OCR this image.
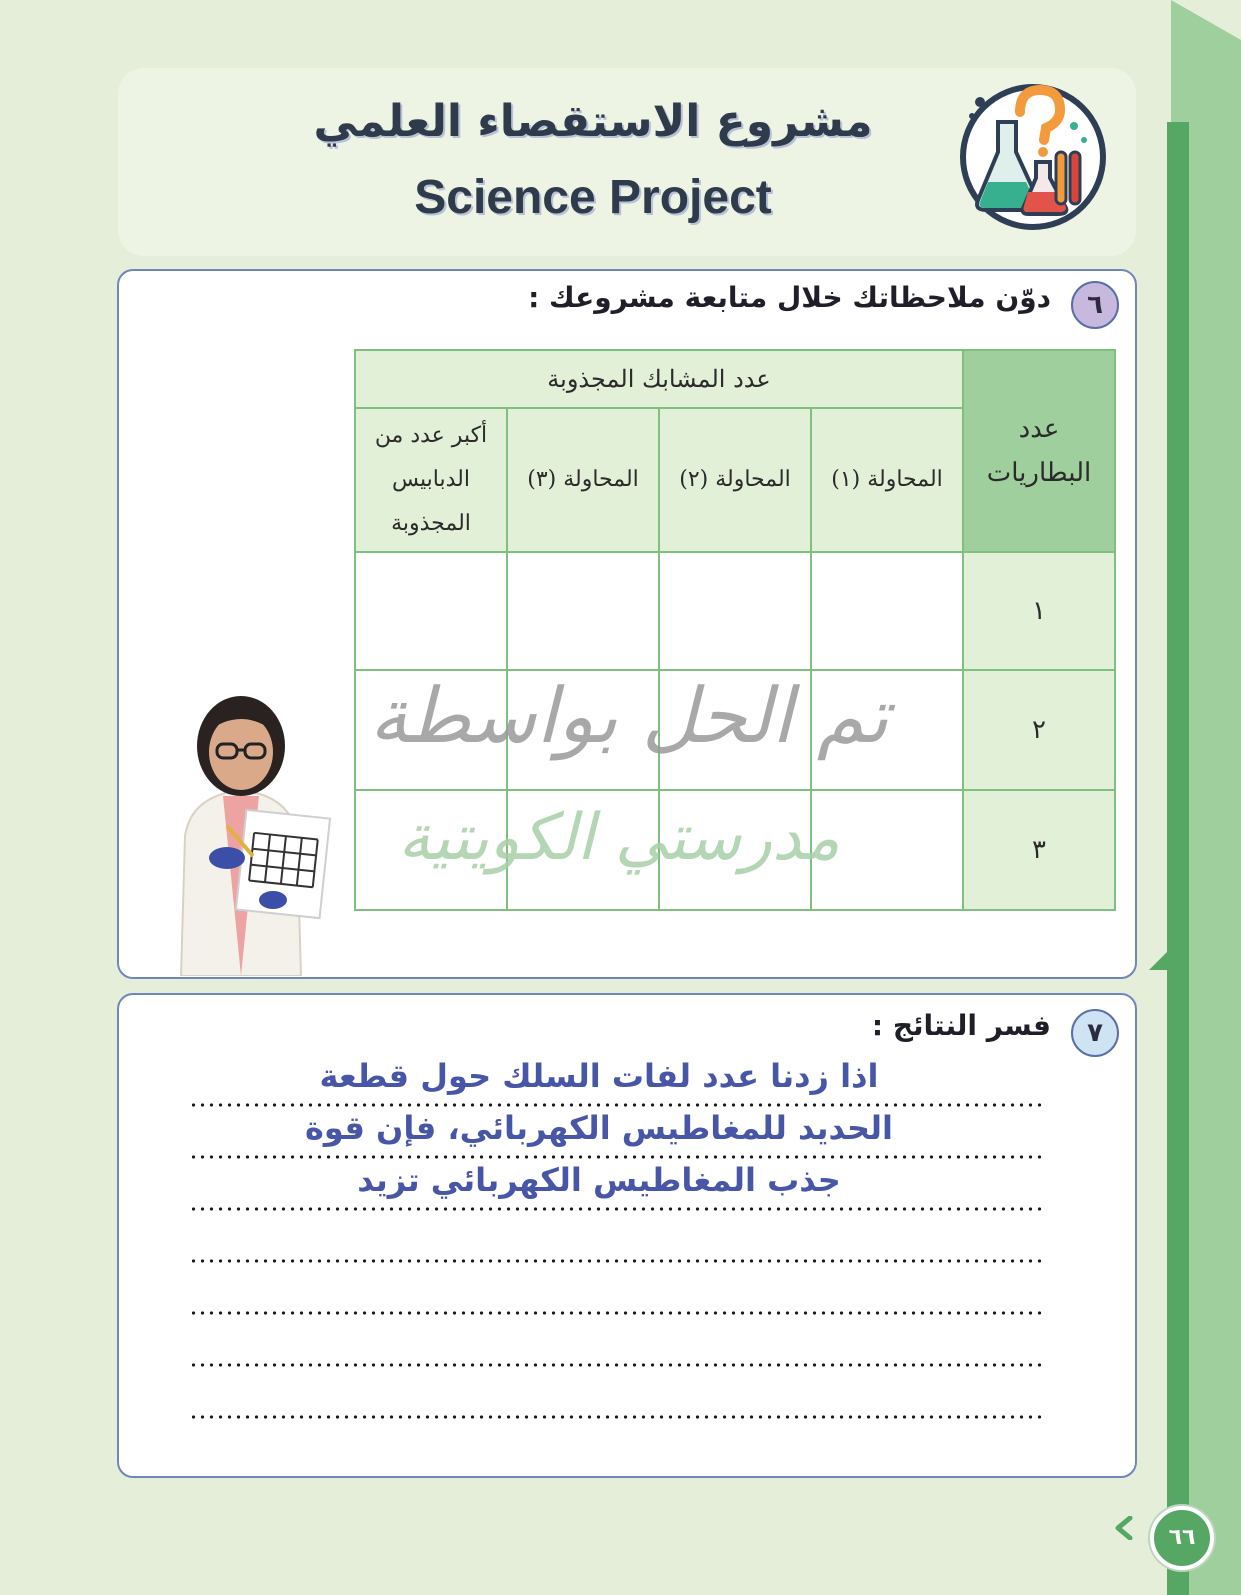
مشروع الاستقصاء العلمي
Science Project
٦
دوّن ملاحظاتك خلال متابعة مشروعك :
عدد البطاريات	عدد المشابك المجذوبة			
	المحاولة (١)	المحاولة (٢)	المحاولة (٣)	أكبر عدد من الدبابيس المجذوبة
١				
٢				
٣				
تم الحل بواسطة
مدرستي الكويتية
٧
فسر النتائج :
اذا زدنا عدد لفات السلك حول قطعة
الحديد للمغاطيس الكهربائي، فإن قوة
جذب المغاطيس الكهربائي تزيد
٦٦
